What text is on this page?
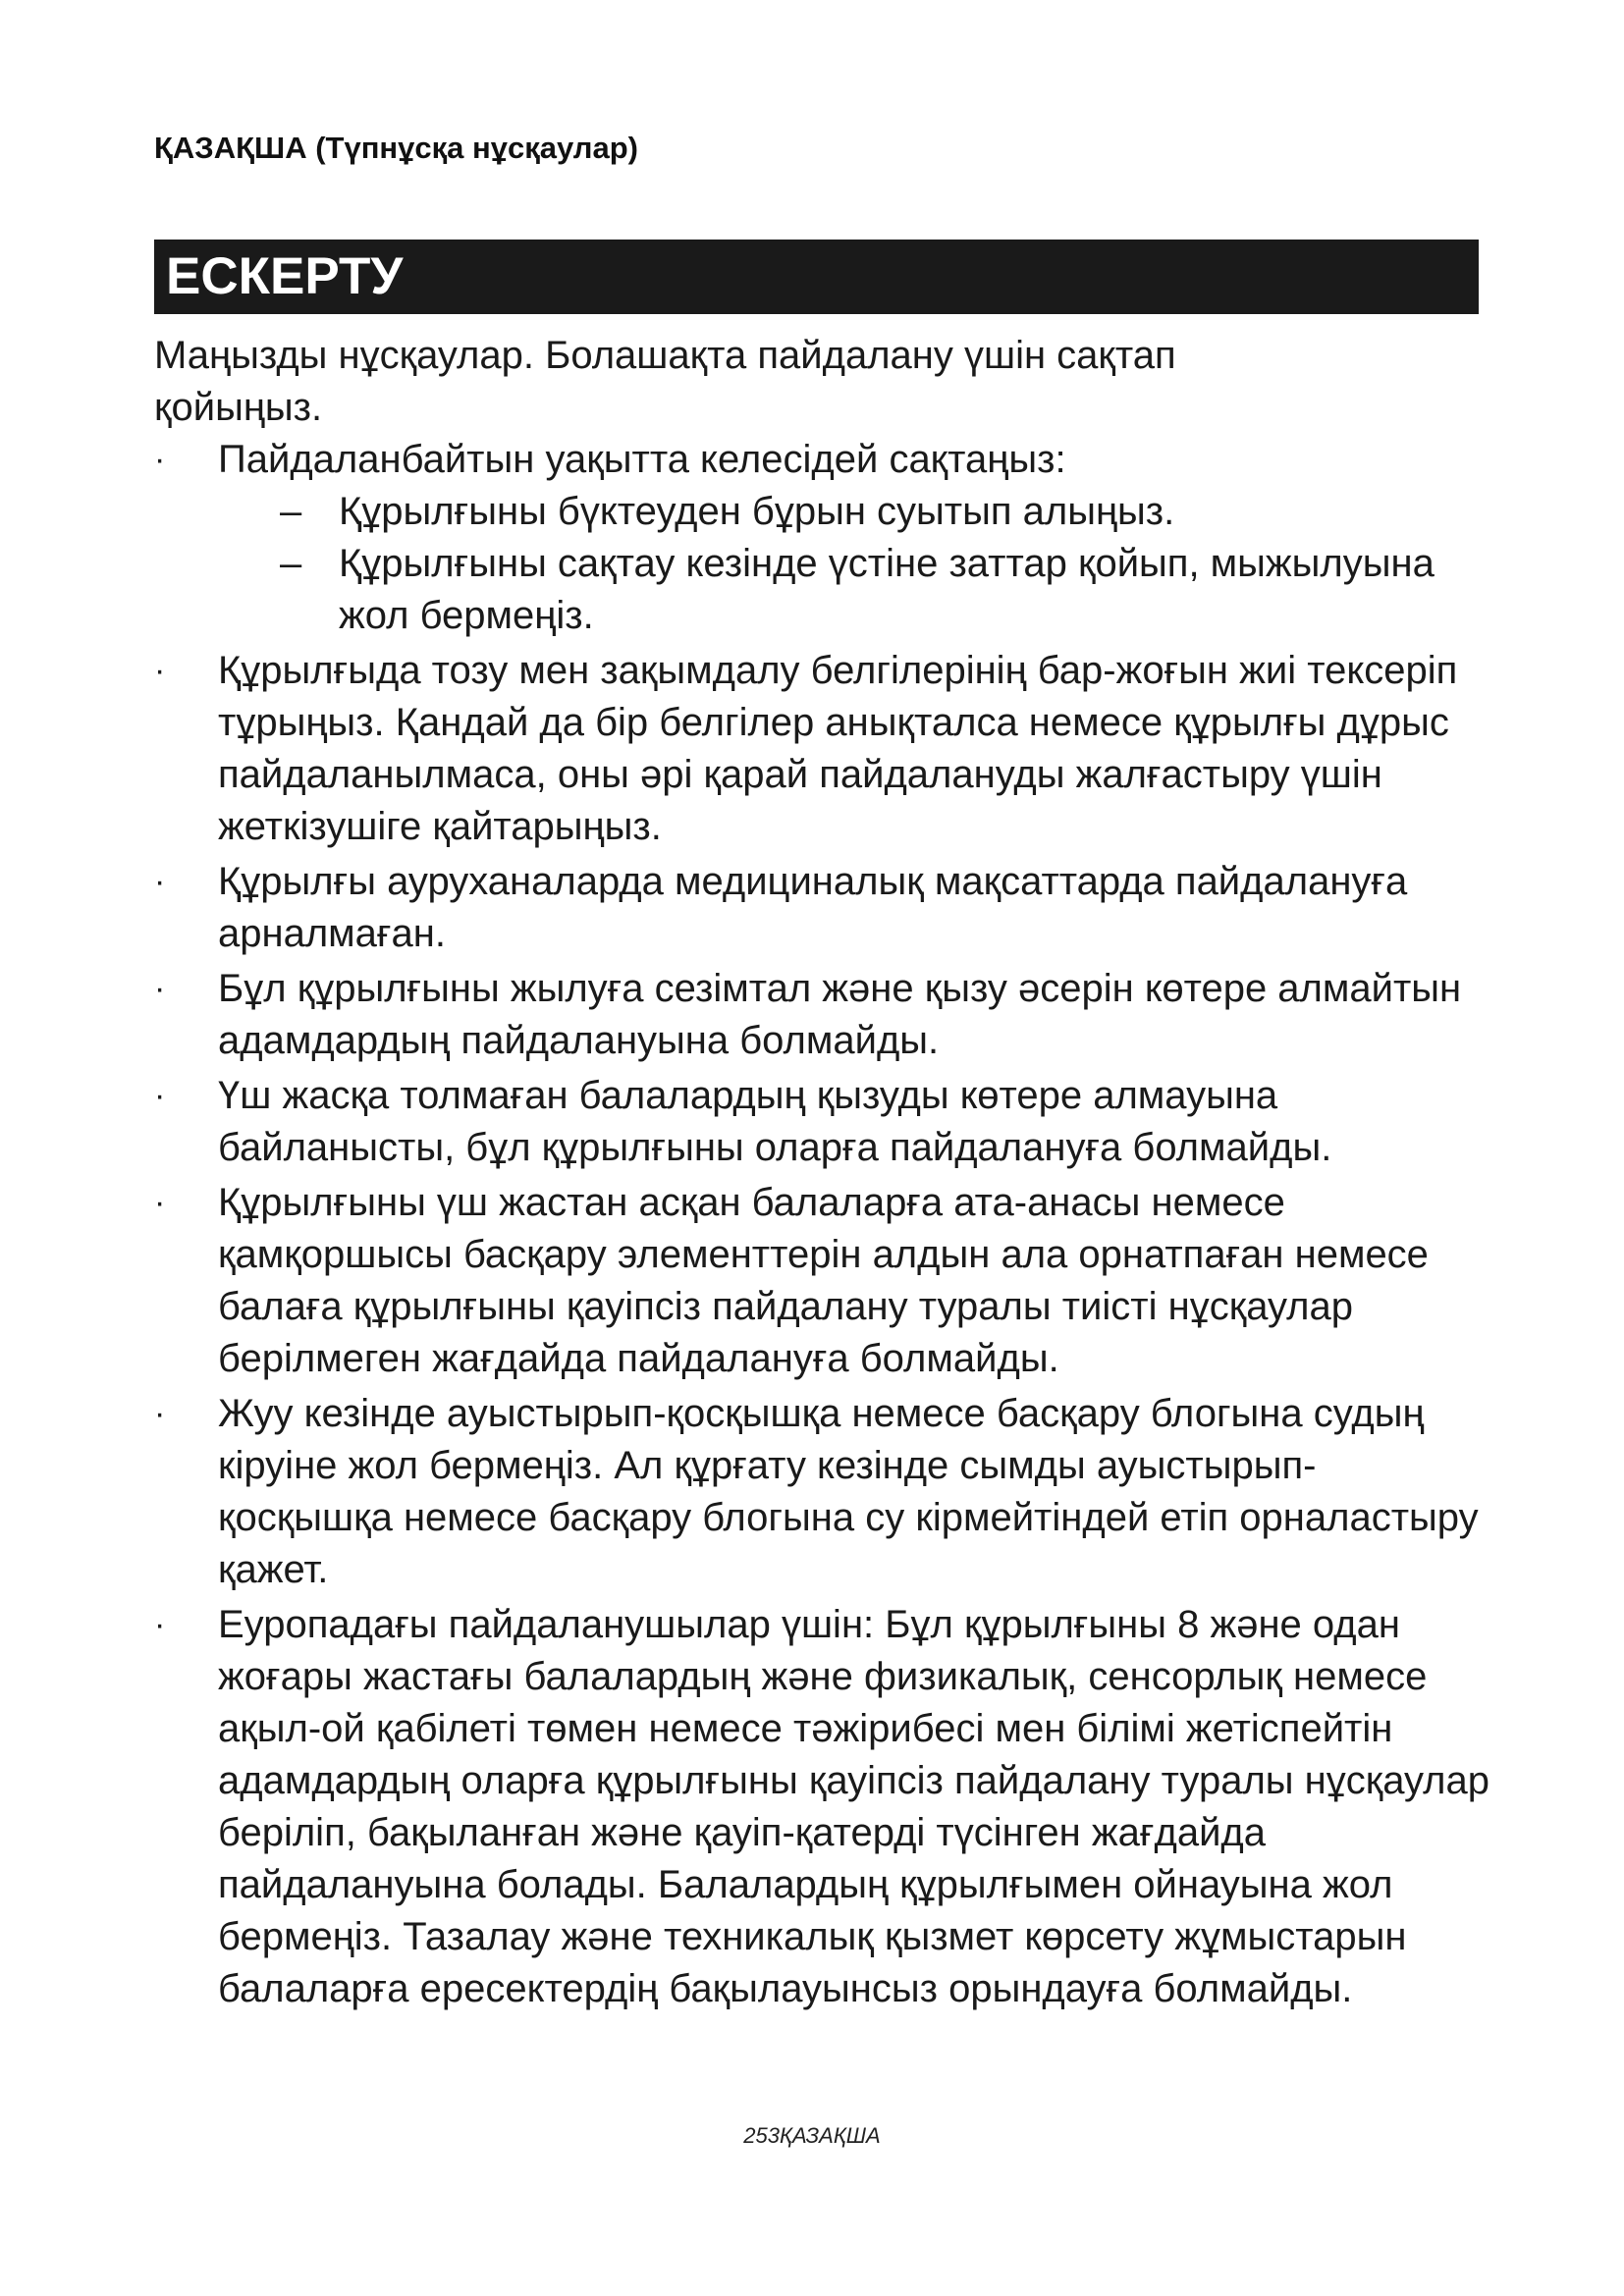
ҚАЗАҚША (Түпнұсқа нұсқаулар)
ЕСКЕРТУ

Маңызды нұсқаулар. Болашақта пайдалану үшін сақтап қойыңыз.

· Пайдаланбайтын уақытта келесідей сақтаңыз:
– Құрылғыны бүктеуден бұрын суытып алыңыз.
– Құрылғыны сақтау кезінде үстіне заттар қойып, мыжылуына жол бермеңіз.
· Құрылғыда тозу мен зақымдалу белгілерінің бар-жоғын жиі тексеріп тұрыңыз. Қандай да бір белгілер анықталса немесе құрылғы дұрыс пайдаланылмаса, оны әрі қарай пайдалануды жалғастыру үшін жеткізушіге қайтарыңыз.
· Құрылғы ауруханаларда медициналық мақсаттарда пайдалануға арналмаған.
· Бұл құрылғыны жылуға сезімтал және қызу әсерін көтере алмайтын адамдардың пайдалануына болмайды.
· Үш жасқа толмаған балалардың қызуды көтере алмауына байланысты, бұл құрылғыны оларға пайдалануға болмайды.
· Құрылғыны үш жастан асқан балаларға ата-анасы немесе қамқоршысы басқару элементтерін алдын ала орнатпаған немесе балаға құрылғыны қауіпсіз пайдалану туралы тиісті нұсқаулар берілмеген жағдайда пайдалануға болмайды.
· Жуу кезінде ауыстырып-қосқышқа немесе басқару блогына судың кіруіне жол бермеңіз. Ал құрғату кезінде сымды ауыстырып-қосқышқа немесе басқару блогына су кірмейтіндей етіп орналастыру қажет.
· Еуропадағы пайдаланушылар үшін: Бұл құрылғыны 8 және одан жоғары жастағы балалардың және физикалық, сенсорлық немесе ақыл-ой қабілеті төмен немесе тәжірибесі мен білімі жетіспейтін адамдардың оларға құрылғыны қауіпсіз пайдалану туралы нұсқаулар беріліп, бақыланған және қауіп-қатерді түсінген жағдайда пайдалануына болады. Балалардың құрылғымен ойнауына жол бермеңіз. Тазалау және техникалық қызмет көрсету жұмыстарын балаларға ересектердің бақылауынсыз орындауға болмайды.
253ҚАЗАҚША
